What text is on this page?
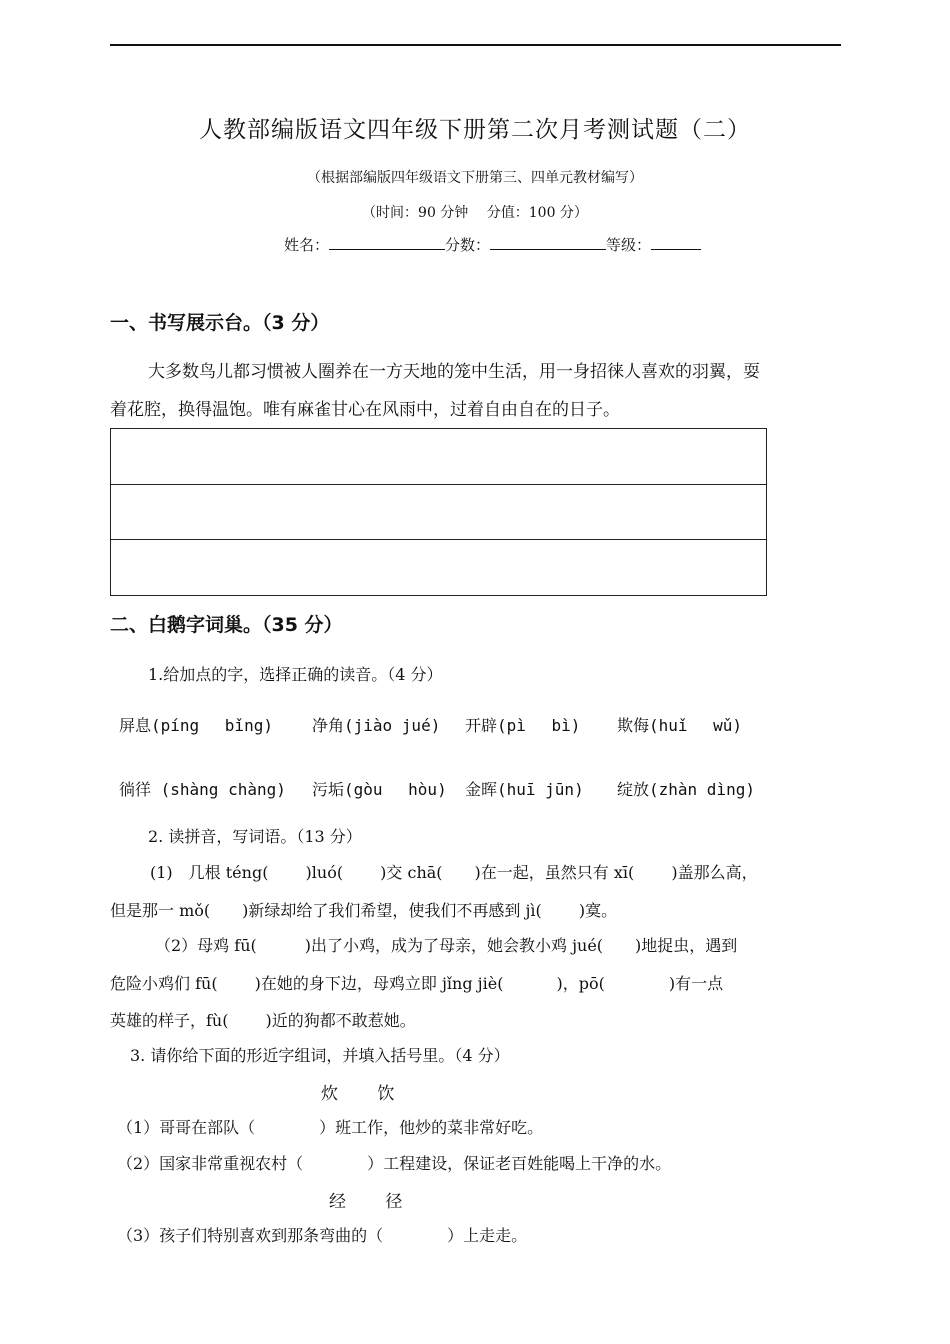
人教部编版语文四年级下册第二次月考测试题（二）
（根据部编版四年级语文下册第三、四单元教材编写）
（时间：90 分钟　 分值：100 分）
姓名：	分数：	等级：
一、书写展示台。（3 分）
大多数鸟儿都习惯被人圈养在一方天地的笼中生活，用一身招徕人喜欢的羽翼，耍
着花腔，换得温饱。唯有麻雀甘心在风雨中，过着自由自在的日子。
二、白鹅字词巢。（35 分）
1.给加点的字，选择正确的读音。（4 分）
屏息(píng　 bǐng) 净角(jiào jué) 开辟(pì　 bì) 欺侮(huǐ　 wǔ)
徜徉 (shàng chàng) 污垢(gòu　 hòu) 金晖(huī jūn) 绽放(zhàn dìng)
2. 读拼音，写词语。（13 分）
(1)　几根 téng(　　 )luó(　　 )交 chā(　　)在一起，虽然只有 xī(　　 )盖那么高，
但是那一 mǒ(　　)新绿却给了我们希望，使我们不再感到 jì(　　 )寞。
（2）母鸡 fū(　　　)出了小鸡，成为了母亲，她会教小鸡 jué(　　)地捉虫，遇到
危险小鸡们 fū(　　 )在她的身下边，母鸡立即 jǐng jiè(　　　 )，pō(　　　　)有一点
英雄的样子，fù(　　 )近的狗都不敢惹她。
3. 请你给下面的形近字组词，并填入括号里。（4 分）
炊　　 饮
（1）哥哥在部队（　　　　）班工作，他炒的菜非常好吃。
（2）国家非常重视农村（　　　　）工程建设，保证老百姓能喝上干净的水。
经　　 径
（3）孩子们特别喜欢到那条弯曲的（　　　　）上走走。
